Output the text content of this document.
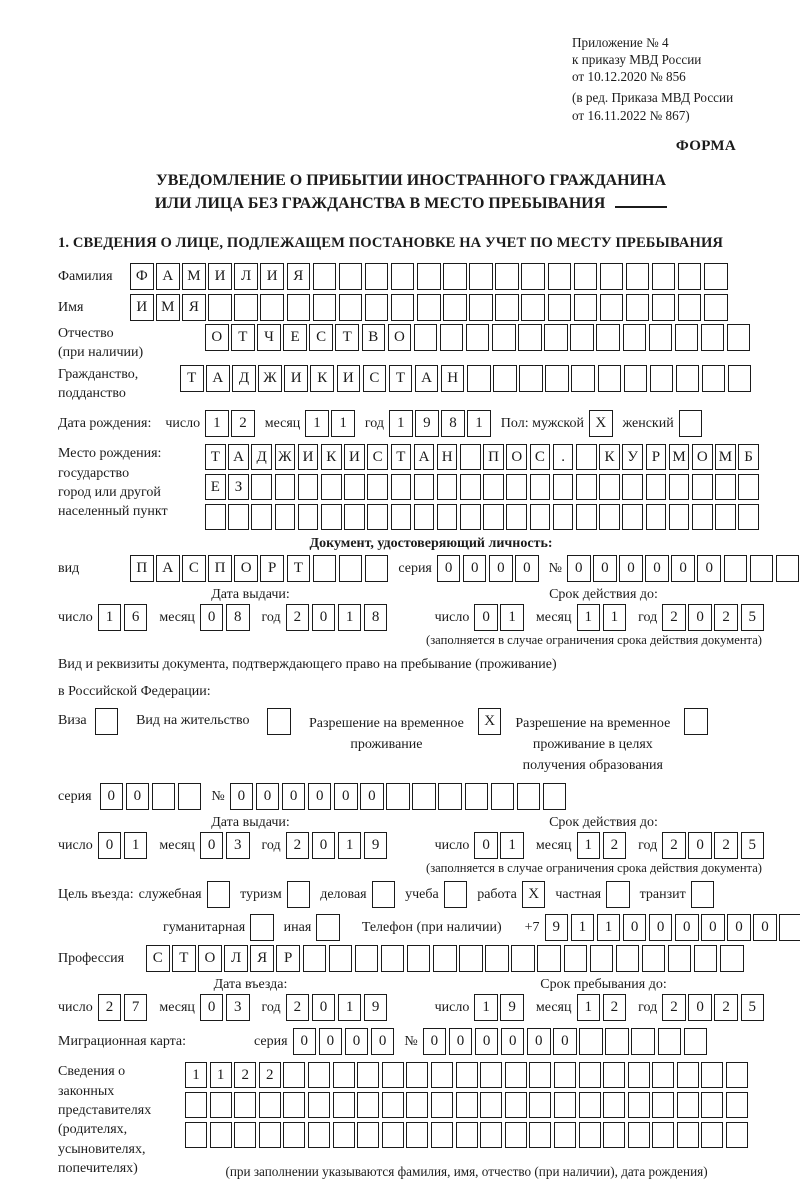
Приложение № 4
к приказу МВД России
от 10.12.2020 № 856
(в ред. Приказа МВД России
от 16.11.2022 № 867)
ФОРМА
УВЕДОМЛЕНИЕ О ПРИБЫТИИ ИНОСТРАННОГО ГРАЖДАНИНА
ИЛИ ЛИЦА БЕЗ ГРАЖДАНСТВА В МЕСТО ПРЕБЫВАНИЯ
1. СВЕДЕНИЯ О ЛИЦЕ, ПОДЛЕЖАЩЕМ ПОСТАНОВКЕ НА УЧЕТ ПО МЕСТУ ПРЕБЫВАНИЯ
Фамилия	Ф А М И	Л	И	Я
Имя	И М Я
Отчество
(при наличии)
О	Т	Ч	Е	С	Т	В	О
Гражданство,
подданство
Т	А	Д Ж И	К	И	С	Т	А	Н
Дата рождения: число 1	2	месяц 1	1	год 1	9	8	1	Пол: мужской X	женский
Место рождения:
государство
город или другой
населенный пункт
Т А Д Ж И К И С Т А Н	П О С	.	К У Р М О М Б
Е З
Документ, удостоверяющий личность:
вид	П	А	С	П	О	Р	Т	серия 0	0	0	0	№ 0	0	0	0	0	0
Дата выдачи:	Срок действия до:
число 1	6	месяц 0	8	год 2	0	1	8	число 0	1	месяц 1	1	год 2	0	2	5
(заполняется в случае ограничения срока действия документа)
Вид и реквизиты документа, подтверждающего право на пребывание (проживание)
в Российской Федерации:
Виза	Вид на жительство	Разрешение на временное
проживание
X	Разрешение на временное
проживание в целях
получения образования
серия	0	0	№ 0	0	0	0	0	0
Дата выдачи:	Срок действия до:
число 0	1	месяц 0	3	год 2	0	1	9	число 0	1	месяц 1	2	год 2	0	2	5
(заполняется в случае ограничения срока действия документа)
Цель въезда: служебная	туризм	деловая	учеба	работа X	частная	транзит
гуманитарная	иная	Телефон (при наличии) +7 9	1	1	0	0	0	0	0	0
Профессия	С	Т	О	Л	Я	Р
Дата въезда:	Срок пребывания до:
число 2	7	месяц 0	3	год 2	0	1	9	число 1	9	месяц 1	2	год 2	0	2	5
Миграционная карта:	серия 0	0	0	0	№ 0	0	0	0	0	0
Сведения о
законных
представителях
(родителях,
усыновителях,
попечителях)
1	1	2	2
(при заполнении указываются фамилия, имя, отчество (при наличии), дата рождения)
